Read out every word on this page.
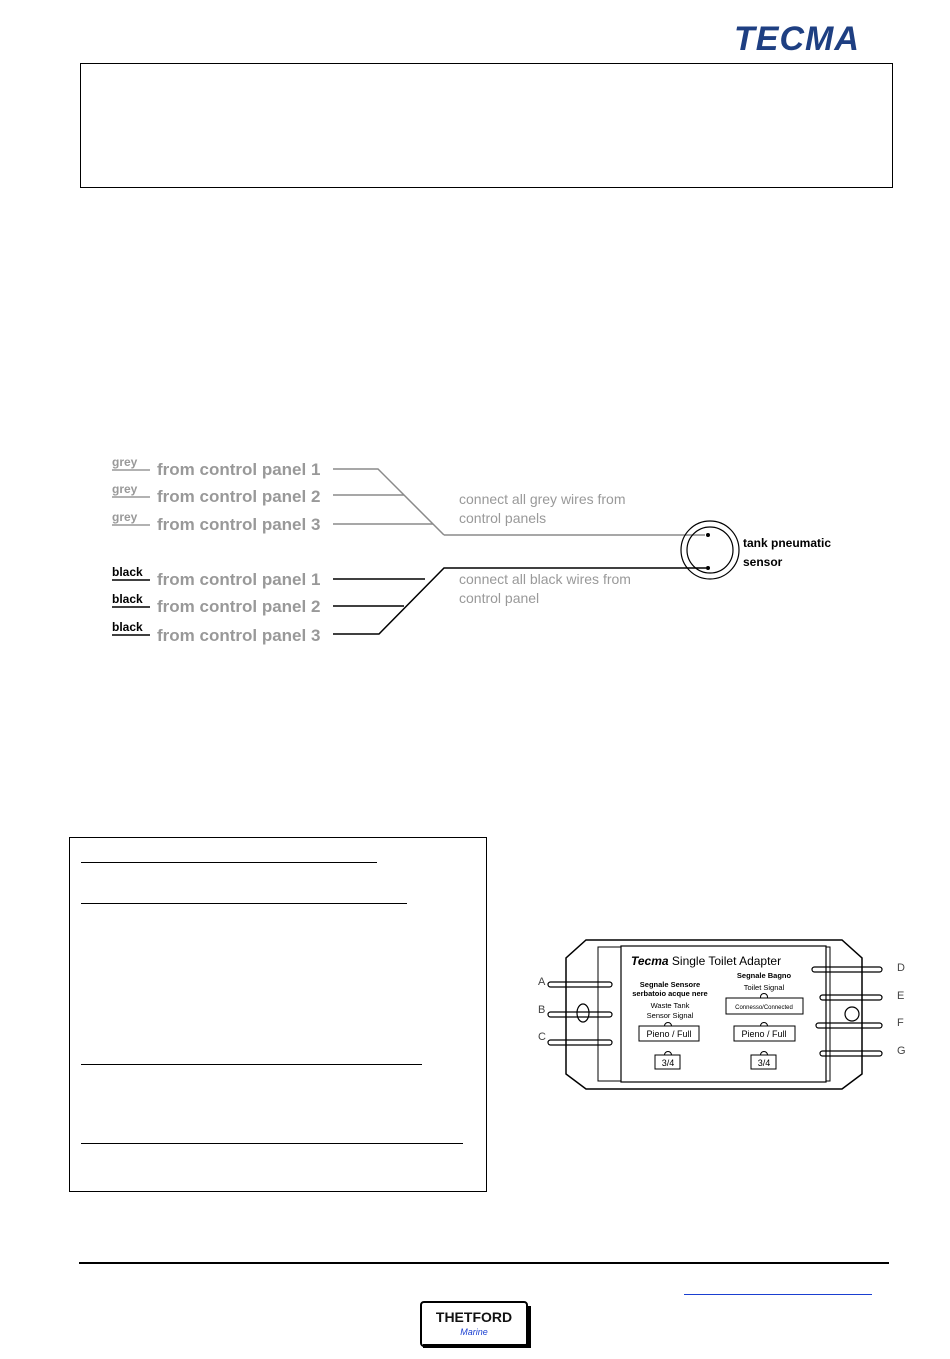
TECMA
grey
grey
grey
from control panel 1
from control panel 2
from control panel 3
connect all grey wires from
control panels
black
black
black
from control panel 1
from control panel 2
from control panel 3
connect all black wires from
control panel
tank pneumatic
sensor
A
B
C
D
E
F
G
Tecma Single Toilet Adapter
Segnale Sensore
serbatoio acque nere
Segnale Bagno
Waste Tank
Sensor Signal
Toilet Signal
Pieno / Full	Pieno / Full
3/4	3/4
Connesso/Connected
THETFORD
Marine
